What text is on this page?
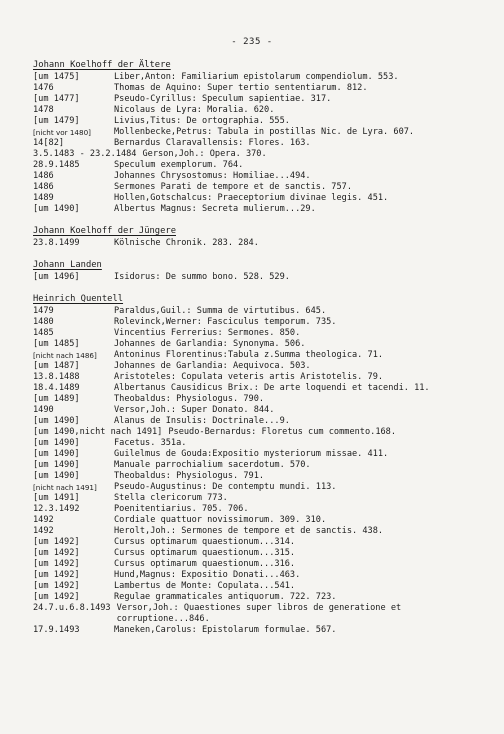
- 235 -
Johann Koelhoff der Ältere
[um 1475]	Liber,Anton: Familiarium epistolarum compendiolum. 553.
1476	Thomas de Aquino: Super tertio sententiarum. 812.
[um 1477]	Pseudo-Cyrillus: Speculum sapientiae. 317.
1478	Nicolaus de Lyra: Moralia. 620.
[um 1479]	Livius,Titus: De ortographia. 555.
[nicht vor 1480]	Mollenbecke,Petrus: Tabula in postillas Nic. de Lyra. 607.
14[82]	Bernardus Claravallensis: Flores. 163.
3.5.1483 - 23.2.1484 Gerson,Joh.: Opera. 370.
28.9.1485	Speculum exemplorum. 764.
1486	Johannes Chrysostomus: Homiliae...494.
1486	Sermones Parati de tempore et de sanctis. 757.
1489	Hollen,Gotschalcus: Praeceptorium divinae legis. 451.
[um 1490]	Albertus Magnus: Secreta mulierum...29.
Johann Koelhoff der Jüngere
23.8.1499	Kölnische Chronik. 283. 284.
Johann Landen
[um 1496]	Isidorus: De summo bono. 528. 529.
Heinrich Quentell
1479	Paraldus,Guil.: Summa de virtutibus. 645.
1480	Rolevinck,Werner: Fasciculus temporum. 735.
1485	Vincentius Ferrerius: Sermones. 850.
[um 1485]	Johannes de Garlandia: Synonyma. 506.
[nicht nach 1486]	Antoninus Florentinus:Tabula z.Summa theologica. 71.
[um 1487]	Johannes de Garlandia: Aequivoca. 503.
13.8.1488	Aristoteles: Copulata veteris artis Aristotelis. 79.
18.4.1489	Albertanus Causidicus Brix.: De arte loquendi et tacendi. 11.
[um 1489]	Theobaldus: Physiologus. 790.
1490	Versor,Joh.: Super Donato. 844.
[um 1490]	Alanus de Insulis: Doctrinale...9.
[um 1490,nicht nach 1491] Pseudo-Bernardus: Floretus cum commento.168.
[um 1490]	Facetus. 351a.
[um 1490]	Guilelmus de Gouda:Expositio mysteriorum missae. 411.
[um 1490]	Manuale parrochialium sacerdotum. 570.
[um 1490]	Theobaldus: Physiologus. 791.
[nicht nach 1491]	Pseudo-Augustinus: De contemptu mundi. 113.
[um 1491]	Stella clericorum 773.
12.3.1492	Poenitentiarius. 705. 706.
1492	Cordiale quattuor novissimorum. 309. 310.
1492	Herolt,Joh.: Sermones de tempore et de sanctis. 438.
[um 1492]	Cursus optimarum quaestionum...314.
[um 1492]	Cursus optimarum quaestionum...315.
[um 1492]	Cursus optimarum quaestionum...316.
[um 1492]	Hund,Magnus: Expositio Donati...463.
[um 1492]	Lambertus de Monte: Copulata...541.
[um 1492]	Regulae grammaticales antiquorum. 722. 723.
24.7.u.6.8.1493 Versor,Joh.: Quaestiones super libros de generatione et corruptione...846.
17.9.1493	Maneken,Carolus: Epistolarum formulae. 567.
